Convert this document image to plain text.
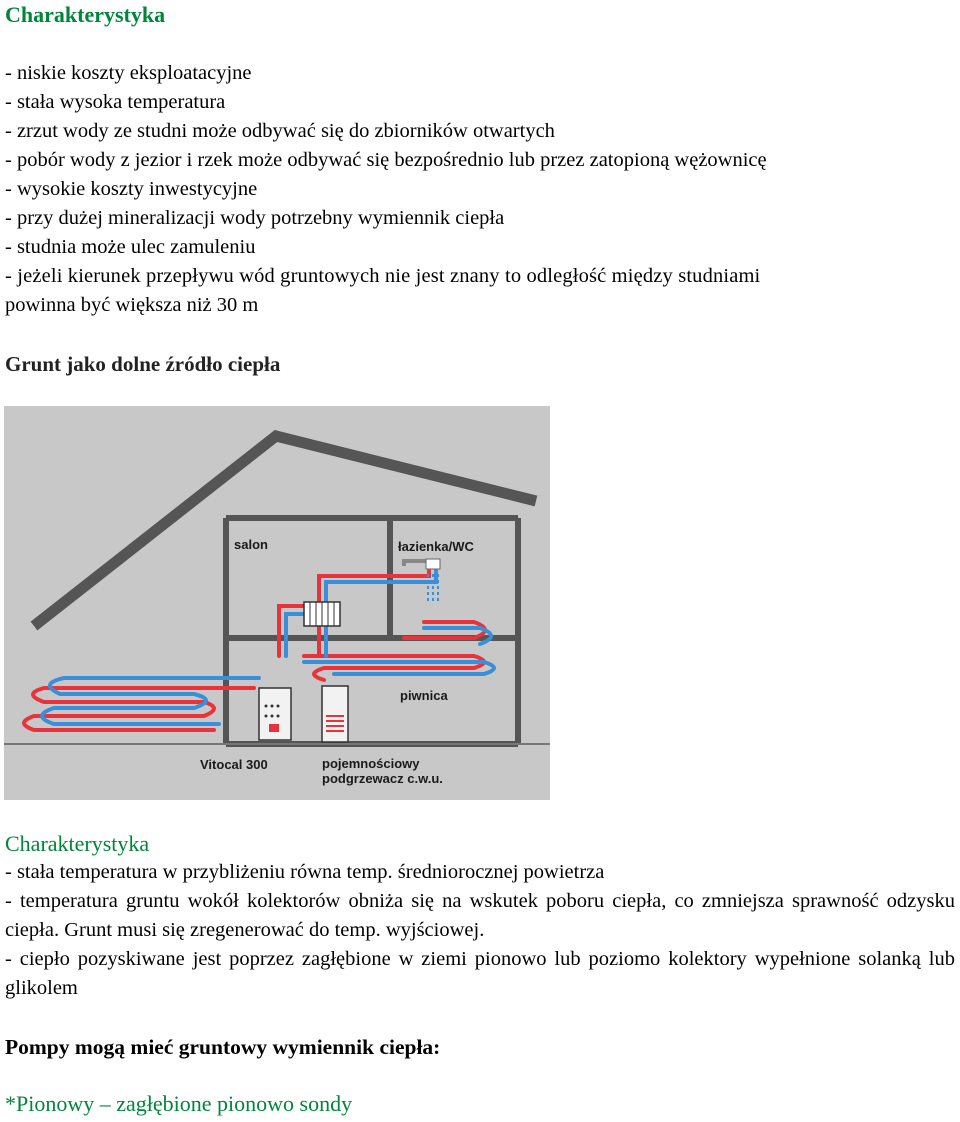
Charakterystyka
- niskie koszty eksploatacyjne
- stała wysoka temperatura
- zrzut wody ze studni może odbywać się do zbiorników otwartych
- pobór wody z jezior i rzek może odbywać się bezpośrednio lub przez zatopioną wężownicę
- wysokie koszty inwestycyjne
- przy dużej mineralizacji wody potrzebny wymiennik ciepła
- studnia może ulec zamuleniu
- jeżeli kierunek przepływu wód gruntowych nie jest znany to odległość między studniami
powinna być większa niż 30 m
Grunt jako dolne źródło ciepła
salon	łazienka/WC
piwnica
Vitocal 300	pojemnościowy
podgrzewacz c.w.u.
Charakterystyka
- stała temperatura w przybliżeniu równa temp. średniorocznej powietrza
- temperatura gruntu wokół kolektorów obniża się na wskutek poboru ciepła, co zmniejsza sprawność odzysku ciepła. Grunt musi się zregenerować do temp. wyjściowej.
- ciepło pozyskiwane jest poprzez zagłębione w ziemi pionowo lub poziomo kolektory wypełnione solanką lub glikolem
Pompy mogą mieć gruntowy wymiennik ciepła:
*Pionowy – zagłębione pionowo sondy
